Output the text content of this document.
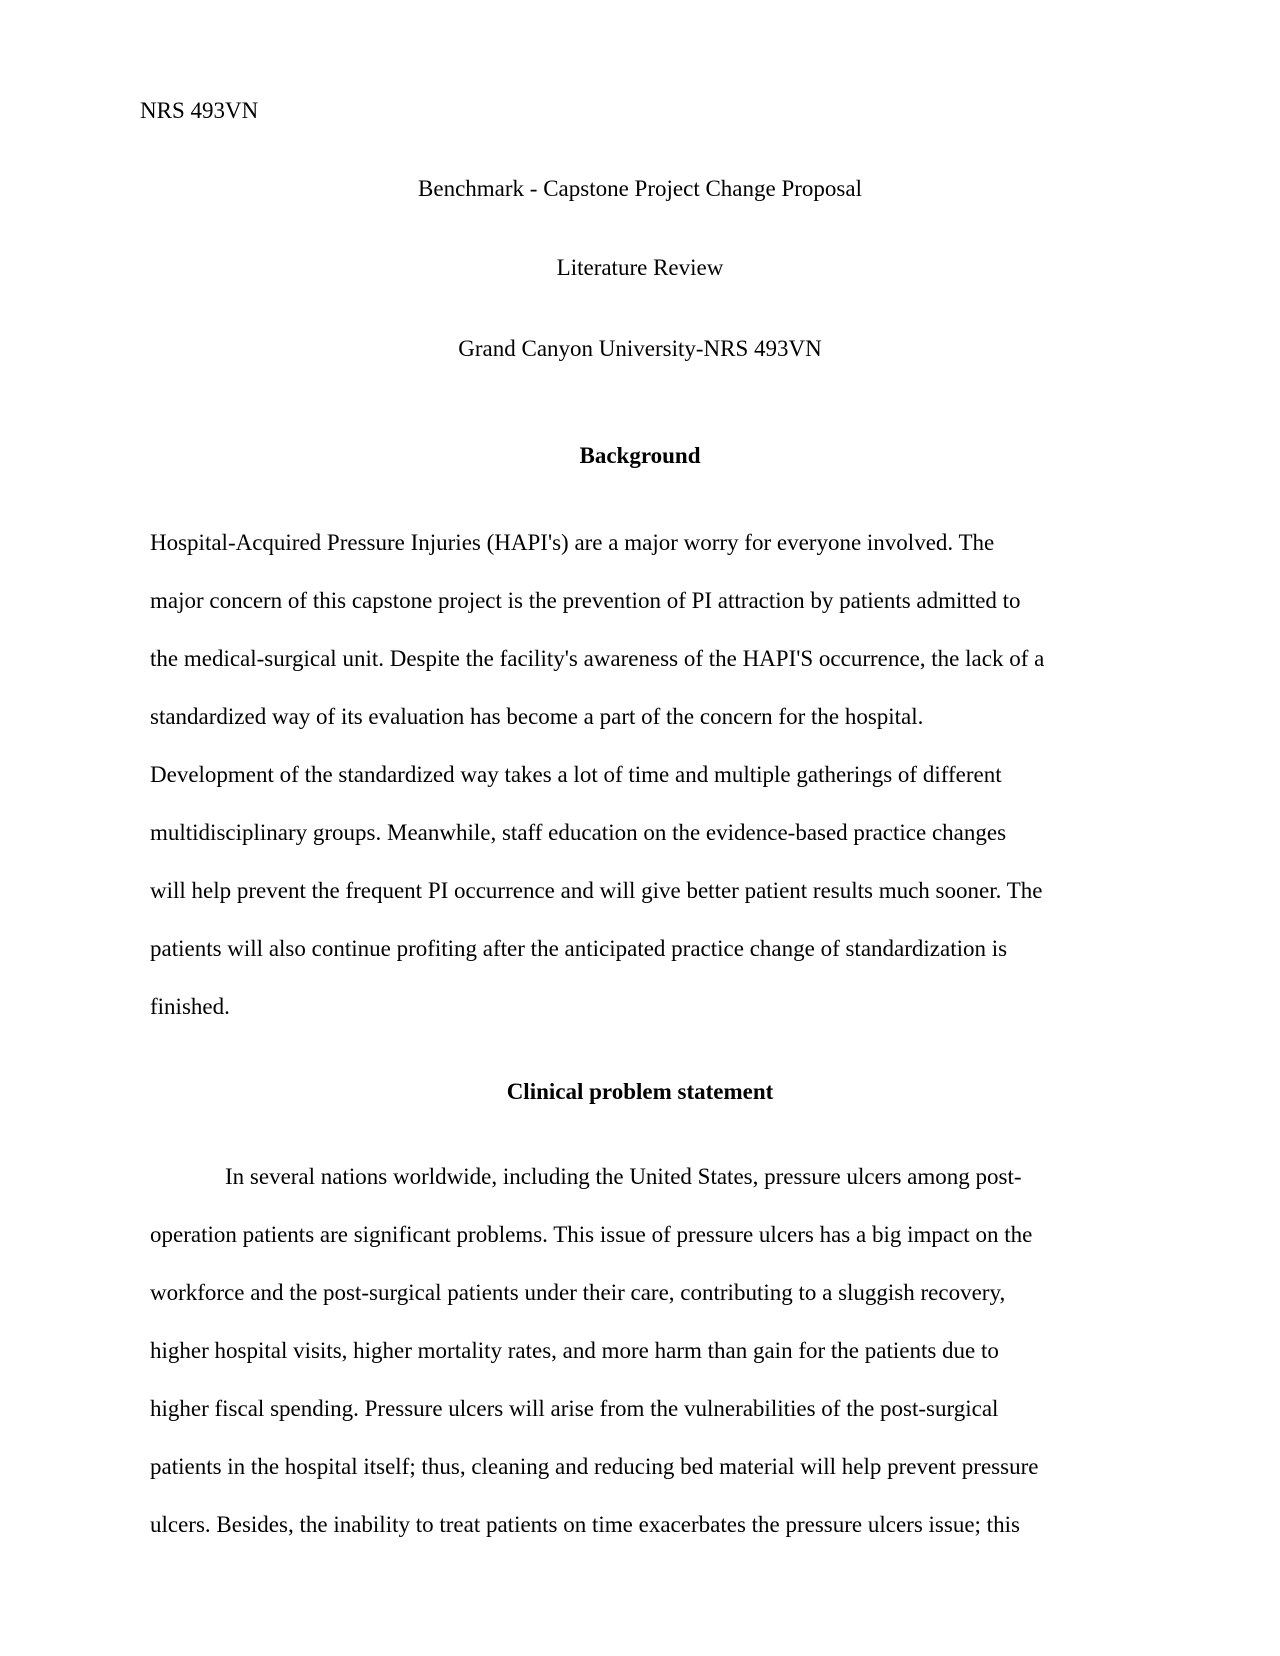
NRS 493VN
Benchmark - Capstone Project Change Proposal
Literature Review
Grand Canyon University-NRS 493VN
Background
Hospital-Acquired Pressure Injuries (HAPI's) are a major worry for everyone involved. The
major concern of this capstone project is the prevention of PI attraction by patients admitted to
the medical-surgical unit. Despite the facility's awareness of the HAPI'S occurrence, the lack of a
standardized way of its evaluation has become a part of the concern for the hospital.
Development of the standardized way takes a lot of time and multiple gatherings of different
multidisciplinary groups. Meanwhile, staff education on the evidence-based practice changes
will help prevent the frequent PI occurrence and will give better patient results much sooner. The
patients will also continue profiting after the anticipated practice change of standardization is
finished.
Clinical problem statement
In several nations worldwide, including the United States, pressure ulcers among post-
operation patients are significant problems. This issue of pressure ulcers has a big impact on the
workforce and the post-surgical patients under their care, contributing to a sluggish recovery,
higher hospital visits, higher mortality rates, and more harm than gain for the patients due to
higher fiscal spending. Pressure ulcers will arise from the vulnerabilities of the post-surgical
patients in the hospital itself; thus, cleaning and reducing bed material will help prevent pressure
ulcers. Besides, the inability to treat patients on time exacerbates the pressure ulcers issue; this
